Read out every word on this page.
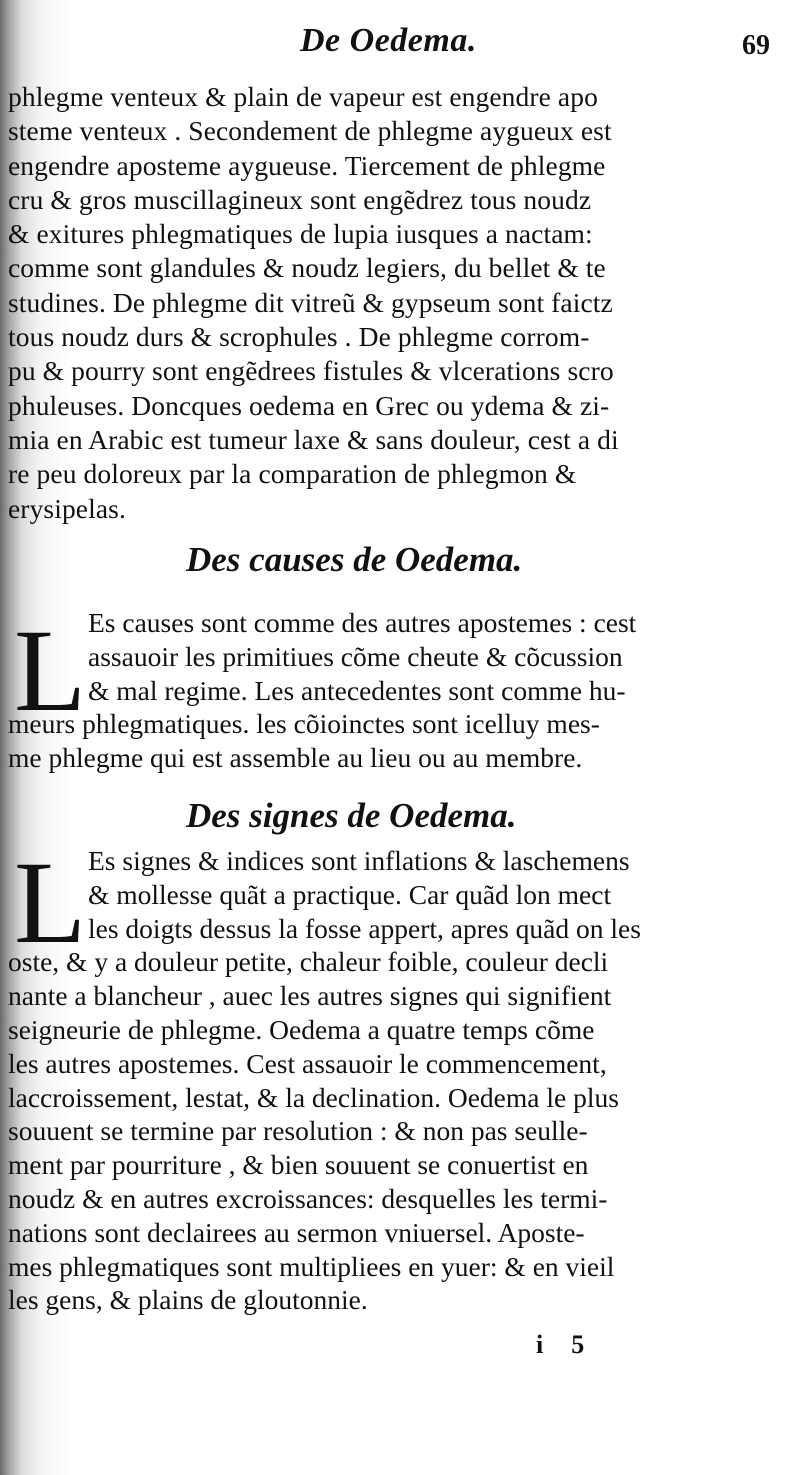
De Oedema.	69
phlegme venteux & plain de vapeur est engendre apo
steme venteux . Secondement de phlegme aygueux est
engendre aposteme aygueuse. Tiercement de phlegme
cru & gros muscillagineux sont engẽdrez tous noudz
& exitures phlegmatiques de lupia iusques a nactam:
comme sont glandules & noudz legiers, du bellet & te
studines. De phlegme dit vitreũ & gypseum sont faictz
tous noudz durs & scrophules . De phlegme corrom-
pu & pourry sont engẽdrees fistules & vlcerations scro
phuleuses. Doncques oedema en Grec ou ydema & zi-
mia en Arabic est tumeur laxe & sans douleur, cest a di
re peu doloreux par la comparation de phlegmon &
erysipelas.
Des causes de Oedema.
L Es causes sont comme des autres apostemes : cest
assauoir les primitiues cõme cheute & cõcussion
& mal regime. Les antecedentes sont comme hu-
meurs phlegmatiques. les cõioinctes sont icelluy mes-
me phlegme qui est assemble au lieu ou au membre.
Des signes de Oedema.
L Es signes & indices sont inflations & laschemens
& mollesse quãt a practique. Car quãd lon mect
les doigts dessus la fosse appert, apres quãd on les
oste, & y a douleur petite, chaleur foible, couleur decli
nante a blancheur , auec les autres signes qui signifient
seigneurie de phlegme. Oedema a quatre temps cõme
les autres apostemes. Cest assauoir le commencement,
laccroissement, lestat, & la declination. Oedema le plus
souuent se termine par resolution : & non pas seulle-
ment par pourriture , & bien souuent se conuertist en
noudz & en autres excroissances: desquelles les termi-
nations sont declairees au sermon vniuersel. Aposte-
mes phlegmatiques sont multipliees en yuer: & en vieil
les gens, & plains de gloutonnie.
i5
